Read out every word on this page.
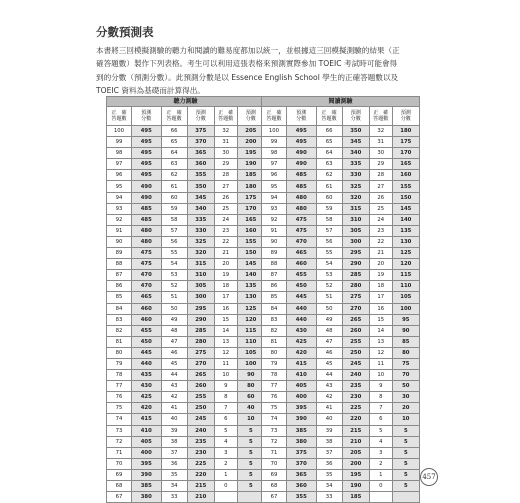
分數預測表

本書將三回模擬測驗的聽力和閱讀的難易度都加以統一，並根據這三回模擬測驗的結果（正

確答題數）製作下列表格。考生可以利用這張表格來預測實際參加 TOEIC 考試時可能會得

到的分數（預測分數）。此預測分數是以 Essence English School 學生的正確答題數以及

TOEIC 資料為基礎而計算得出。

聽力測驗					
正　確
答題數	預測
分數	正　確
答題數	預測
分數	正　確
答題數	預測
分數
100	495	66	375	32	205
99	495	65	370	31	200
98	495	64	365	30	195
97	495	63	360	29	190
96	495	62	355	28	185
95	490	61	350	27	180
94	490	60	345	26	175
93	485	59	340	25	170
92	485	58	335	24	165
91	480	57	330	23	160
90	480	56	325	22	155
89	475	55	320	21	150
88	475	54	315	20	145
87	470	53	310	19	140
86	470	52	305	18	135
85	465	51	300	17	130
84	460	50	295	16	125
83	460	49	290	15	120
82	455	48	285	14	115
81	450	47	280	13	110
80	445	46	275	12	105
79	440	45	270	11	100
78	435	44	265	10	90
77	430	43	260	9	80
76	425	42	255	8	60
75	420	41	250	7	40
74	415	40	245	6	10
73	410	39	240	5	5
72	405	38	235	4	5
71	400	37	230	3	5
70	395	36	225	2	5
69	390	35	220	1	5
68	385	34	215	0	5
67	380	33	210		
閱讀測驗					
正　確
答題數	預測
分數	正　確
答題數	預測
分數	正　確
答題數	預測
分數
100	495	66	350	32	180
99	495	65	345	31	175
98	490	64	340	30	170
97	490	63	335	29	165
96	485	62	330	28	160
95	485	61	325	27	155
94	480	60	320	26	150
93	480	59	315	25	145
92	475	58	310	24	140
91	475	57	305	23	135
90	470	56	300	22	130
89	465	55	295	21	125
88	460	54	290	20	120
87	455	53	285	19	115
86	450	52	280	18	110
85	445	51	275	17	105
84	440	50	270	16	100
83	440	49	265	15	95
82	430	48	260	14	90
81	425	47	255	13	85
80	420	46	250	12	80
79	415	45	245	11	75
78	410	44	240	10	70
77	405	43	235	9	50
76	400	42	230	8	30
75	395	41	225	7	20
74	390	40	220	6	10
73	385	39	215	5	5
72	380	38	210	4	5
71	375	37	205	3	5
70	370	36	200	2	5
69	365	35	195	1	5
68	360	34	190	0	5
67	355	33	185		
457
